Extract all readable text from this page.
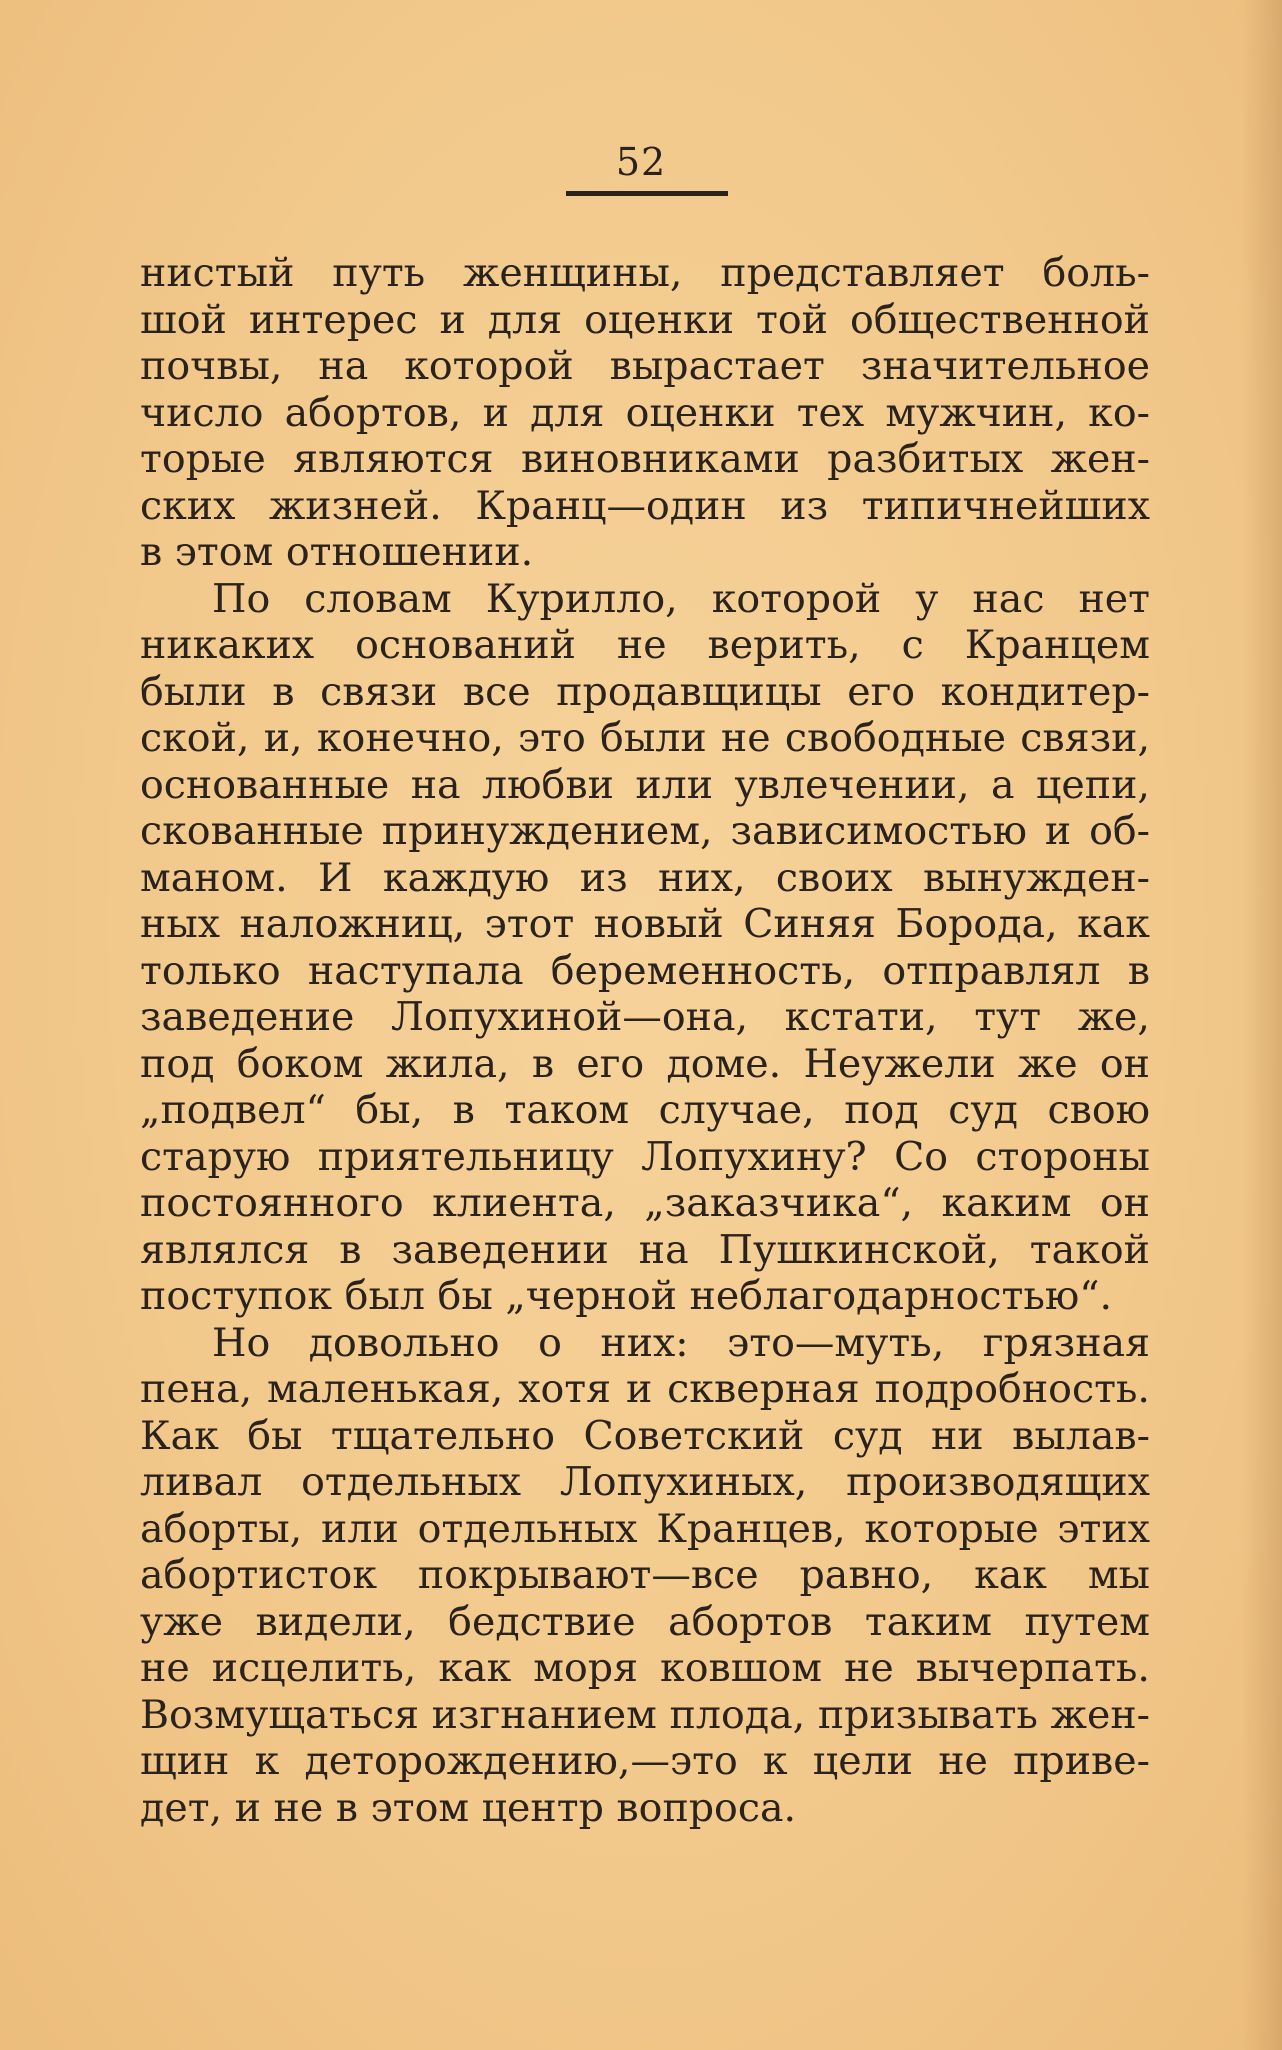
52
нистый путь женщины, представляет боль-
шой интерес и для оценки той общественной
почвы, на которой вырастает значительное
число абортов, и для оценки тех мужчин, ко-
торые являются виновниками разбитых жен-
ских жизней. Кранц—один из типичнейших
в этом отношении.
По словам Курилло, которой у нас нет
никаких оснований не верить, с Кранцем
были в связи все продавщицы его кондитер-
ской, и, конечно, это были не свободные связи,
основанные на любви или увлечении, а цепи,
скованные принуждением, зависимостью и об-
маном. И каждую из них, своих вынужден-
ных наложниц, этот новый Синяя Борода, как
только наступала беременность, отправлял в
заведение Лопухиной—она, кстати, тут же,
под боком жила, в его доме. Неужели же он
„подвел“ бы, в таком случае, под суд свою
старую приятельницу Лопухину? Со стороны
постоянного клиента, „заказчика“, каким он
являлся в заведении на Пушкинской, такой
поступок был бы „черной неблагодарностью“.
Но довольно о них: это—муть, грязная
пена, маленькая, хотя и скверная подробность.
Как бы тщательно Советский суд ни вылав-
ливал отдельных Лопухиных, производящих
аборты, или отдельных Кранцев, которые этих
абортисток покрывают—все равно, как мы
уже видели, бедствие абортов таким путем
не исцелить, как моря ковшом не вычерпать.
Возмущаться изгнанием плода, призывать жен-
щин к деторождению,—это к цели не приве-
дет, и не в этом центр вопроса.
